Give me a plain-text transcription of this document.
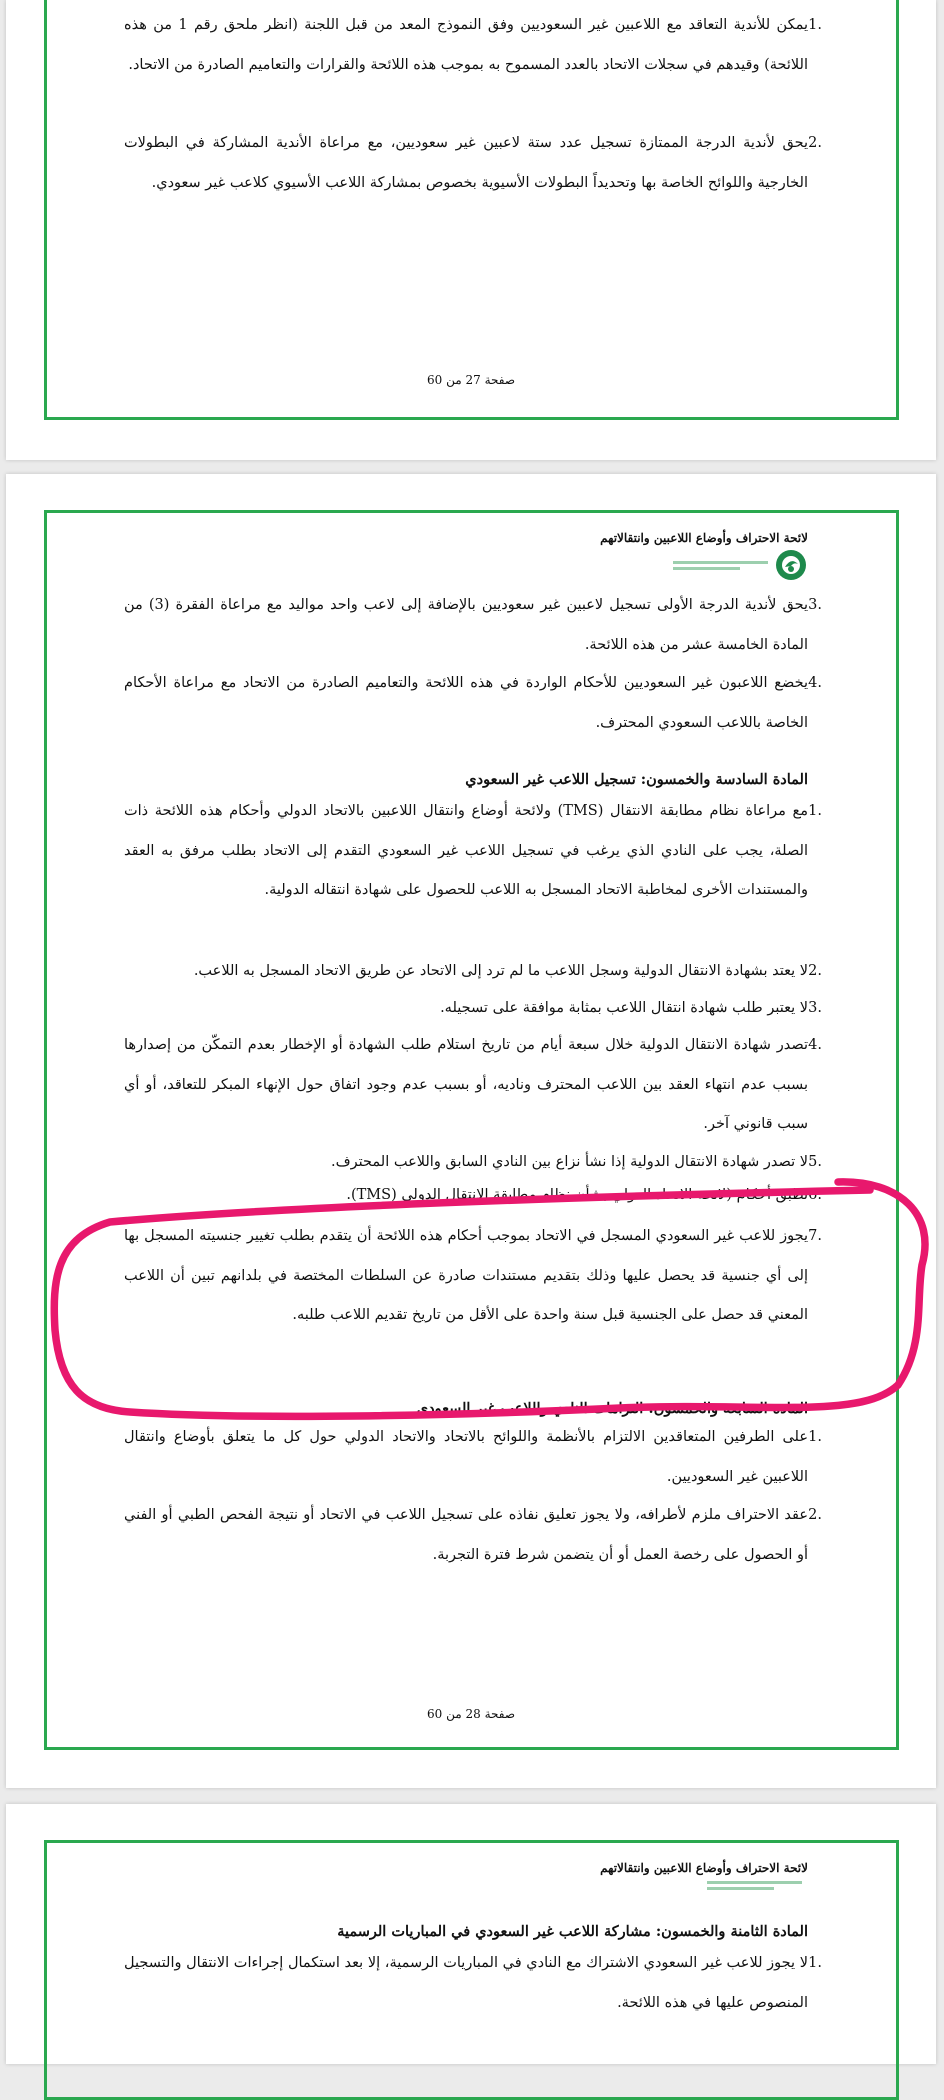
.1
يمكن للأندية التعاقد مع اللاعبين غير السعوديين وفق النموذج المعد من قبل اللجنة (انظر ملحق رقم 1 من هذه اللائحة) وقيدهم في سجلات الاتحاد بالعدد المسموح به بموجب هذه اللائحة والقرارات والتعاميم الصادرة من الاتحاد.
.2
يحق لأندية الدرجة الممتازة تسجيل عدد ستة لاعبين غير سعوديين، مع مراعاة الأندية المشاركة في البطولات الخارجية واللوائح الخاصة بها وتحديداً البطولات الأسيوية بخصوص بمشاركة اللاعب الأسيوي كلاعب غير سعودي.
صفحة 27 من 60
لائحة الاحتراف وأوضاع اللاعبين وانتقالاتهم
.3
يحق لأندية الدرجة الأولى تسجيل لاعبين غير سعوديين بالإضافة إلى لاعب واحد مواليد مع مراعاة الفقرة (3) من المادة الخامسة عشر من هذه اللائحة.
.4
يخضع اللاعبون غير السعوديين للأحكام الواردة في هذه اللائحة والتعاميم الصادرة من الاتحاد مع مراعاة الأحكام الخاصة باللاعب السعودي المحترف.
المادة السادسة والخمسون: تسجيل اللاعب غير السعودي
.1
مع مراعاة نظام مطابقة الانتقال (TMS) ولائحة أوضاع وانتقال اللاعبين بالاتحاد الدولي وأحكام هذه اللائحة ذات الصلة، يجب على النادي الذي يرغب في تسجيل اللاعب غير السعودي التقدم إلى الاتحاد بطلب مرفق به العقد والمستندات الأخرى لمخاطبة الاتحاد المسجل به اللاعب للحصول على شهادة انتقاله الدولية.
.2
لا يعتد بشهادة الانتقال الدولية وسجل اللاعب ما لم ترد إلى الاتحاد عن طريق الاتحاد المسجل به اللاعب.
.3
لا يعتبر طلب شهادة انتقال اللاعب بمثابة موافقة على تسجيله.
.4
تصدر شهادة الانتقال الدولية خلال سبعة أيام من تاريخ استلام طلب الشهادة أو الإخطار بعدم التمكّن من إصدارها بسبب عدم انتهاء العقد بين اللاعب المحترف وناديه، أو بسبب عدم وجود اتفاق حول الإنهاء المبكر للتعاقد، أو أي سبب قانوني آخر.
.5
لا تصدر شهادة الانتقال الدولية إذا نشأ نزاع بين النادي السابق واللاعب المحترف.
.6
تطبق أحكام (لائحة الاتحاد الدولي بشأن نظام مطابقة الانتقال الدولي (TMS).
.7
يجوز للاعب غير السعودي المسجل في الاتحاد بموجب أحكام هذه اللائحة أن يتقدم بطلب تغيير جنسيته المسجل بها إلى أي جنسية قد يحصل عليها وذلك بتقديم مستندات صادرة عن السلطات المختصة في بلدانهم تبين أن اللاعب المعني قد حصل على الجنسية قبل سنة واحدة على الأقل من تاريخ تقديم اللاعب طلبه.
المادة السابعة والخمسون: التزامات النادي واللاعب غير السعودي
.1
على الطرفين المتعاقدين الالتزام بالأنظمة واللوائح بالاتحاد والاتحاد الدولي حول كل ما يتعلق بأوضاع وانتقال اللاعبين غير السعوديين.
.2
عقد الاحتراف ملزم لأطرافه، ولا يجوز تعليق نفاذه على تسجيل اللاعب في الاتحاد أو نتيجة الفحص الطبي أو الفني أو الحصول على رخصة العمل أو أن يتضمن شرط فترة التجربة.
صفحة 28 من 60
لائحة الاحتراف وأوضاع اللاعبين وانتقالاتهم
المادة الثامنة والخمسون: مشاركة اللاعب غير السعودي في المباريات الرسمية
.1
لا يجوز للاعب غير السعودي الاشتراك مع النادي في المباريات الرسمية، إلا بعد استكمال إجراءات الانتقال والتسجيل المنصوص عليها في هذه اللائحة.
